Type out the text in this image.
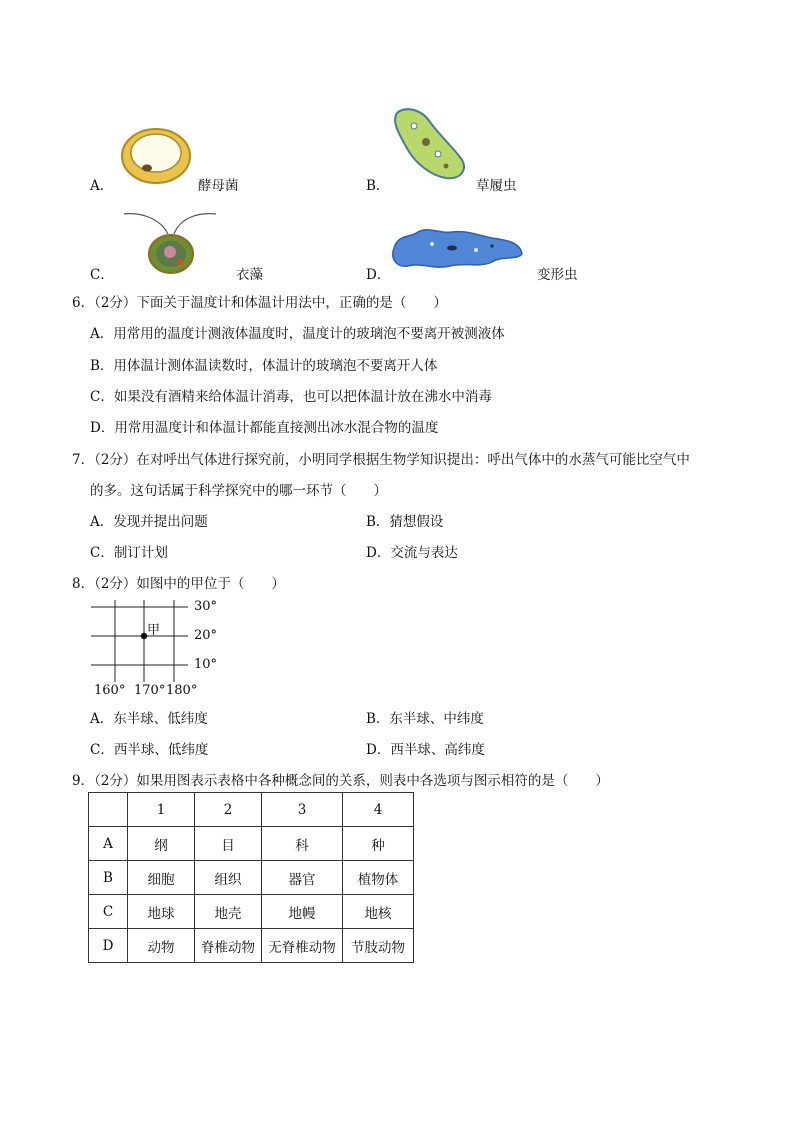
A．	酵母菌	B．	草履虫
C．	衣藻	D．	变形虫
6．（2分）下面关于温度计和体温计用法中，正确的是（　　）
A．用常用的温度计测液体温度时，温度计的玻璃泡不要离开被测液体
B．用体温计测体温读数时，体温计的玻璃泡不要离开人体
C．如果没有酒精来给体温计消毒，也可以把体温计放在沸水中消毒
D．用常用温度计和体温计都能直接测出冰水混合物的温度
7．（2分）在对呼出气体进行探究前，小明同学根据生物学知识提出：呼出气体中的水蒸气可能比空气中
的多。这句话属于科学探究中的哪一环节（　　）
A．发现并提出问题	B．猜想假设
C．制订计划	D．交流与表达
8．（2分）如图中的甲位于（　　）
甲
30°
20°
10°
160° 170° 180°
A．东半球、低纬度	B．东半球、中纬度
C．西半球、低纬度	D．西半球、高纬度
9．（2分）如果用图表示表格中各种概念间的关系，则表中各选项与图示相符的是（　　）
	1	2	3	4
A	纲	目	科	种
B	细胞	组织	器官	植物体
C	地球	地壳	地幔	地核
D	动物	脊椎动物	无脊椎动物	节肢动物
